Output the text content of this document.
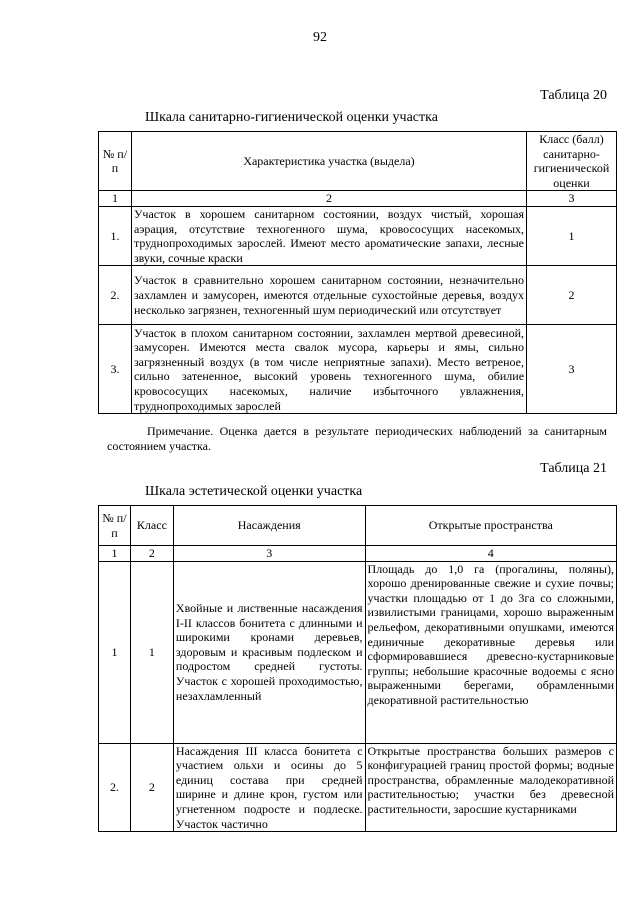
92
Таблица 20
Шкала санитарно-гигиенической оценки участка
№ п/п	Характеристика участка (выдела)	Класс (балл) санитарно-гигиенической оценки
1	2	3
1.	Участок в хорошем санитарном состоянии, воздух чистый, хорошая аэрация, отсутствие техногенного шума, кровососущих насекомых, труднопроходимых зарослей. Имеют место ароматические запахи, лесные звуки, сочные краски	1
2.	Участок в сравнительно хорошем санитарном состоянии, незначительно захламлен и замусорен, имеются отдельные сухостойные деревья, воздух несколько загрязнен, техногенный шум периодический или отсутствует	2
3.	Участок в плохом санитарном состоянии, захламлен мертвой древесиной, замусорен. Имеются места свалок мусора, карьеры и ямы, сильно загрязненный воздух (в том числе неприятные запахи). Место ветреное, сильно затененное, высокий уровень техногенного шума, обилие кровососущих насекомых, наличие избыточного увлажнения, труднопроходимых зарослей	3
Примечание. Оценка дается в результате периодических наблюдений за санитарным состоянием участка.
Таблица 21
Шкала эстетической оценки участка
№ п/п	Класс	Насаждения	Открытые пространства
1	2	3	4
1	1	Хвойные и лиственные насаждения I-II классов бонитета с длинными и широкими кронами деревьев, здоровым и красивым подлеском и подростом средней густоты. Участок с хорошей проходимостью, незахламленный	Площадь до 1,0 га (прогалины, поляны), хорошо дренированные свежие и сухие почвы; участки площадью от 1 до 3га со сложными, извилистыми границами, хорошо выраженным рельефом, декоративными опушками, имеются единичные декоративные деревья или сформировавшиеся древесно-кустарниковые группы; небольшие красочные водоемы с ясно выраженными берегами, обрамленными декоративной растительностью
2.	2	Насаждения III класса бонитета с участием ольхи и осины до 5 единиц состава при средней ширине и длине крон, густом или угнетенном подросте и подлеске. Участок частично	Открытые пространства больших размеров с конфигурацией границ простой формы; водные пространства, обрамленные малодекоративной растительностью; участки без древесной растительности, заросшие кустарниками
